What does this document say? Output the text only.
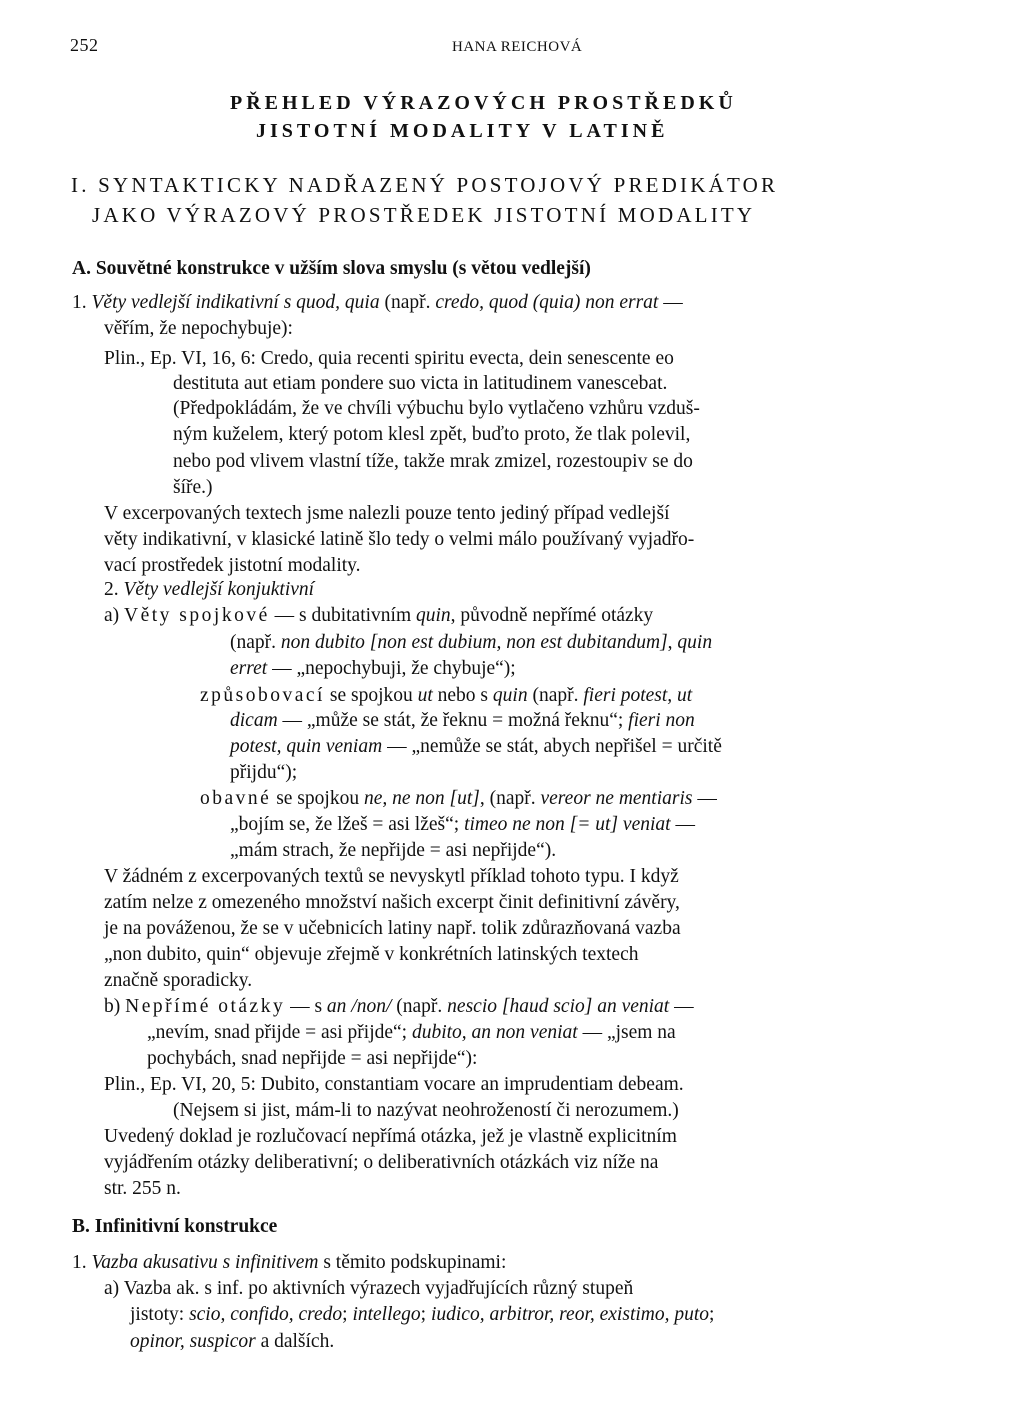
252	HANA REICHOVÁ
PŘEHLED VÝRAZOVÝCH PROSTŘEDKŮ
JISTOTNÍ MODALITY V LATINĚ
I. SYNTAKTICKY NADŘAZENÝ POSTOJOVÝ PREDIKÁTOR
JAKO VÝRAZOVÝ PROSTŘEDEK JISTOTNÍ MODALITY
A. Souvětné konstrukce v užším slova smyslu (s větou vedlejší)
1. Věty vedlejší indikativní s quod, quia (např. credo, quod (quia) non errat —
věřím, že nepochybuje):
Plin., Ep. VI, 16, 6: Credo, quia recenti spiritu evecta, dein senescente eo
destituta aut etiam pondere suo victa in latitudinem vanescebat.
(Předpokládám, že ve chvíli výbuchu bylo vytlačeno vzhůru vzduš-
ným kuželem, který potom klesl zpět, buďto proto, že tlak polevil,
nebo pod vlivem vlastní tíže, takže mrak zmizel, rozestoupiv se do
šíře.)
V excerpovaných textech jsme nalezli pouze tento jediný případ vedlejší
věty indikativní, v klasické latině šlo tedy o velmi málo používaný vyjadřo-
vací prostředek jistotní modality.
2. Věty vedlejší konjuktivní
a) Věty spojkové — s dubitativním quin, původně nepřímé otázky
(např. non dubito [non est dubium, non est dubitandum], quin
erret — „nepochybuji, že chybuje“);
způsobovací se spojkou ut nebo s quin (např. fieri potest, ut
dicam — „může se stát, že řeknu = možná řeknu“; fieri non
potest, quin veniam — „nemůže se stát, abych nepřišel = určitě
přijdu“);
obavné se spojkou ne, ne non [ut], (např. vereor ne mentiaris —
„bojím se, že lžeš = asi lžeš“; timeo ne non [= ut] veniat —
„mám strach, že nepřijde = asi nepřijde“).
V žádném z excerpovaných textů se nevyskytl příklad tohoto typu. I když
zatím nelze z omezeného množství našich excerpt činit definitivní závěry,
je na pováženou, že se v učebnicích latiny např. tolik zdůrazňovaná vazba
„non dubito, quin“ objevuje zřejmě v konkrétních latinských textech
značně sporadicky.
b) Nepřímé otázky — s an /non/ (např. nescio [haud scio] an veniat —
„nevím, snad přijde = asi přijde“; dubito, an non veniat — „jsem na
pochybách, snad nepřijde = asi nepřijde“):
Plin., Ep. VI, 20, 5: Dubito, constantiam vocare an imprudentiam debeam.
(Nejsem si jist, mám-li to nazývat neohrožeností či nerozumem.)
Uvedený doklad je rozlučovací nepřímá otázka, jež je vlastně explicitním
vyjádřením otázky deliberativní; o deliberativních otázkách viz níže na
str. 255 n.
B. Infinitivní konstrukce
1. Vazba akusativu s infinitivem s těmito podskupinami:
a) Vazba ak. s inf. po aktivních výrazech vyjadřujících různý stupeň
jistoty: scio, confido, credo; intellego; iudico, arbitror, reor, existimo, puto;
opinor, suspicor a dalších.
